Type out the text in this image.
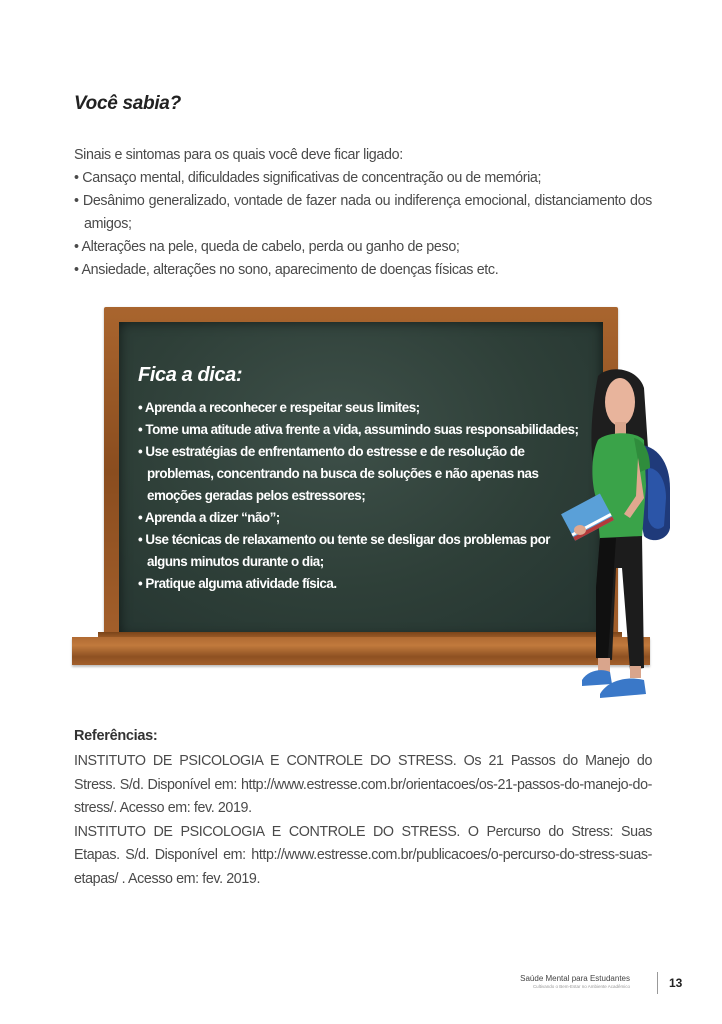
Você sabia?

Sinais e sintomas para os quais você deve ficar ligado:

• Cansaço mental, dificuldades significativas de concentração ou de memória;

• Desânimo generalizado, vontade de fazer nada ou indiferença emocional, distanciamento dos amigos;

• Alterações na pele, queda de cabelo, perda ou ganho de peso;

• Ansiedade, alterações no sono, aparecimento de doenças físicas etc.

Fica a dica:

• Aprenda a reconhecer e respeitar seus limites;

• Tome uma atitude ativa frente a vida, assumindo suas responsabilidades;

• Use estratégias de enfrentamento do estresse e de resolução de problemas, concentrando na busca de soluções e não apenas nas emoções geradas pelos estressores;

• Aprenda a dizer “não”;

• Use técnicas de relaxamento ou tente se desligar dos problemas por alguns minutos durante o dia;

• Pratique alguma atividade física.

Referências:

INSTITUTO DE PSICOLOGIA E CONTROLE DO STRESS. Os 21 Passos do Manejo do Stress. S/d. Disponível em: http://www.estresse.com.br/orientacoes/os-21-passos-do-manejo-do-stress/. Acesso em: fev. 2019.

INSTITUTO DE PSICOLOGIA E CONTROLE DO STRESS. O Percurso do Stress: Suas Etapas. S/d. Disponível em: http://www.estresse.com.br/publicacoes/o-percurso-do-stress-suas-etapas/ . Acesso em: fev. 2019.

Saúde Mental para Estudantes
Cultivando o Bem-Estar no Ambiente Acadêmico	13
